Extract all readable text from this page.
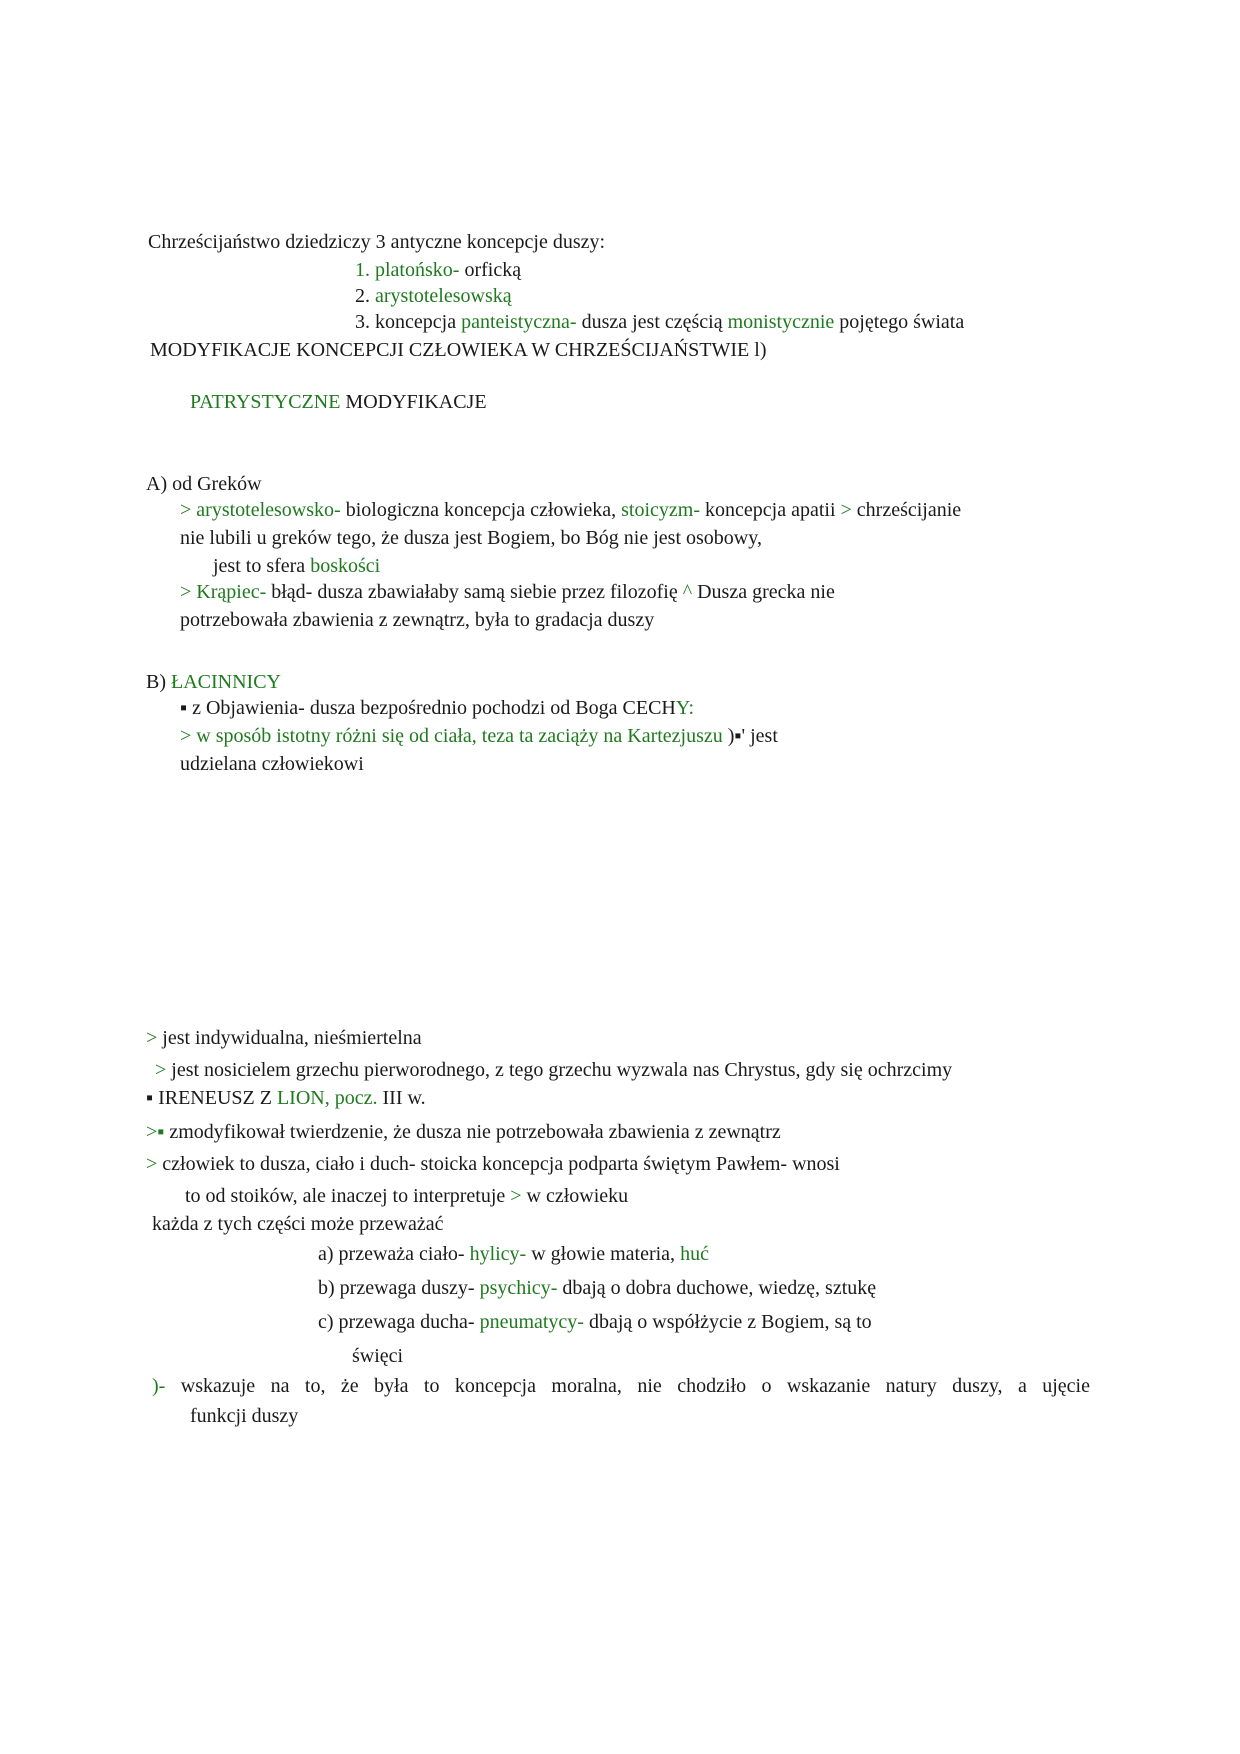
Chrześcijaństwo dziedziczy 3 antyczne koncepcje duszy:
1. platońsko- orficką
2. arystotelesowską
3. koncepcja panteistyczna- dusza jest częścią monistycznie pojętego świata
MODYFIKACJE KONCEPCJI CZŁOWIEKA W CHRZEŚCIJAŃSTWIE l)
PATRYSTYCZNE MODYFIKACJE
A) od Greków
> arystotelesowsko- biologiczna koncepcja człowieka, stoicyzm- koncepcja apatii > chrześcijanie
nie lubili u greków tego, że dusza jest Bogiem, bo Bóg nie jest osobowy,
jest to sfera boskości
> Krąpiec- błąd- dusza zbawiałaby samą siebie przez filozofię ^ Dusza grecka nie
potrzebowała zbawienia z zewnątrz, była to gradacja duszy
B) ŁACINNICY
▪ z Objawienia- dusza bezpośrednio pochodzi od Boga CECHY:
> w sposób istotny różni się od ciała, teza ta zaciąży na Kartezjuszu )▪' jest
udzielana człowiekowi
> jest indywidualna, nieśmiertelna
> jest nosicielem grzechu pierworodnego, z tego grzechu wyzwala nas Chrystus, gdy się ochrzcimy
▪ IRENEUSZ Z LION, pocz. III w.
>▪ zmodyfikował twierdzenie, że dusza nie potrzebowała zbawienia z zewnątrz
> człowiek to dusza, ciało i duch- stoicka koncepcja podparta świętym Pawłem- wnosi
to od stoików, ale inaczej to interpretuje > w człowieku
każda z tych części może przeważać
a) przeważa ciało- hylicy- w głowie materia, huć
b) przewaga duszy- psychicy- dbają o dobra duchowe, wiedzę, sztukę
c) przewaga ducha- pneumatycy- dbają o współżycie z Bogiem, są to
święci
)- wskazuje na to, że była to koncepcja moralna, nie chodziło o wskazanie natury duszy, a ujęcie
funkcji duszy
